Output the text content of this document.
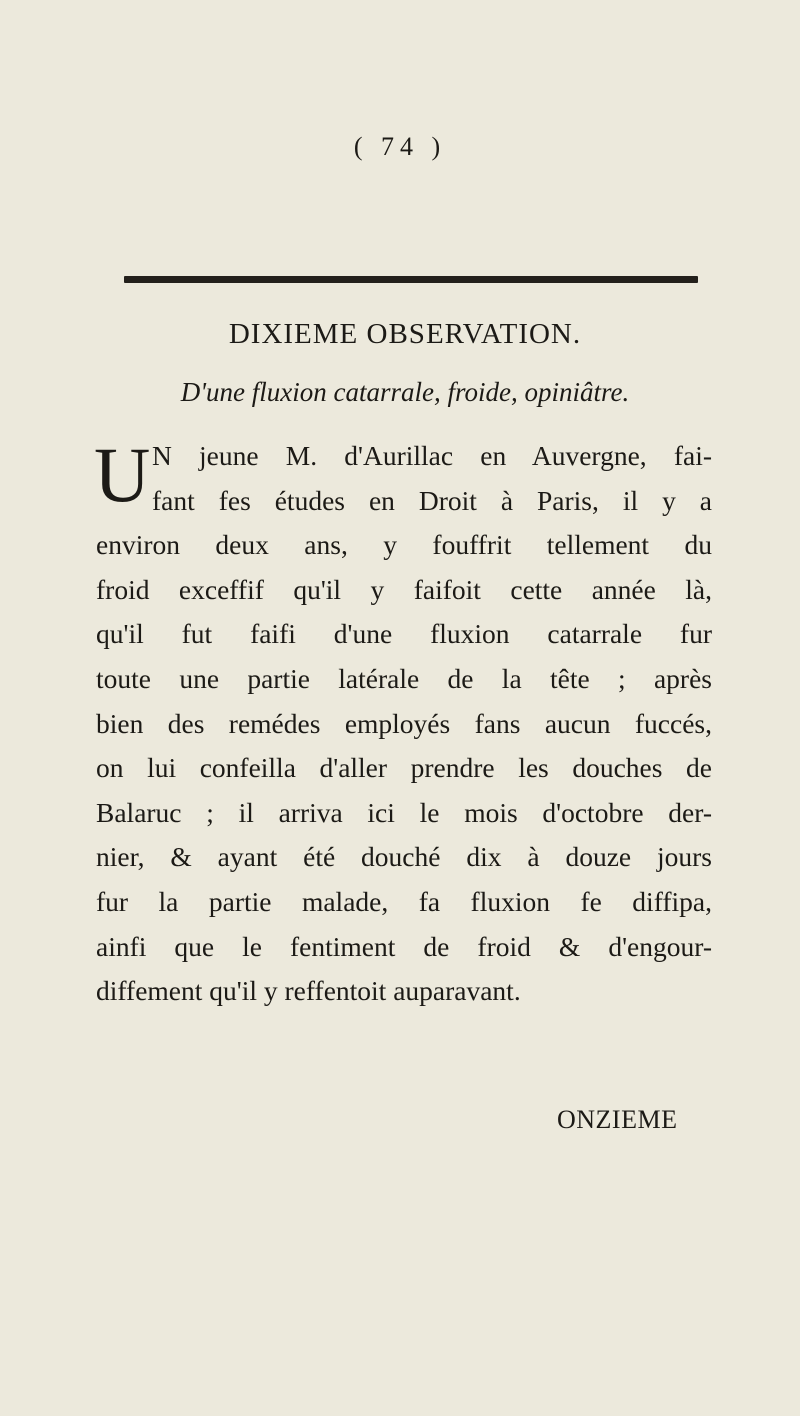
( 74 )
DIXIEME OBSERVATION.
D'une fluxion catarrale, froide, opiniâtre.
U N jeune M. d'Aurillac en Auvergne, fai-
fant fes études en Droit à Paris, il y a
environ deux ans, y fouffrit tellement du
froid exceffif qu'il y faifoit cette année là,
qu'il fut faifi d'une fluxion catarrale fur
toute une partie latérale de la tête ; après
bien des remédes employés fans aucun fuccés,
on lui confeilla d'aller prendre les douches de
Balaruc ; il arriva ici le mois d'octobre der-
nier, & ayant été douché dix à douze jours
fur la partie malade, fa fluxion fe diffipa,
ainfi que le fentiment de froid & d'engour-
diffement qu'il y reffentoit auparavant.
ONZIEME
